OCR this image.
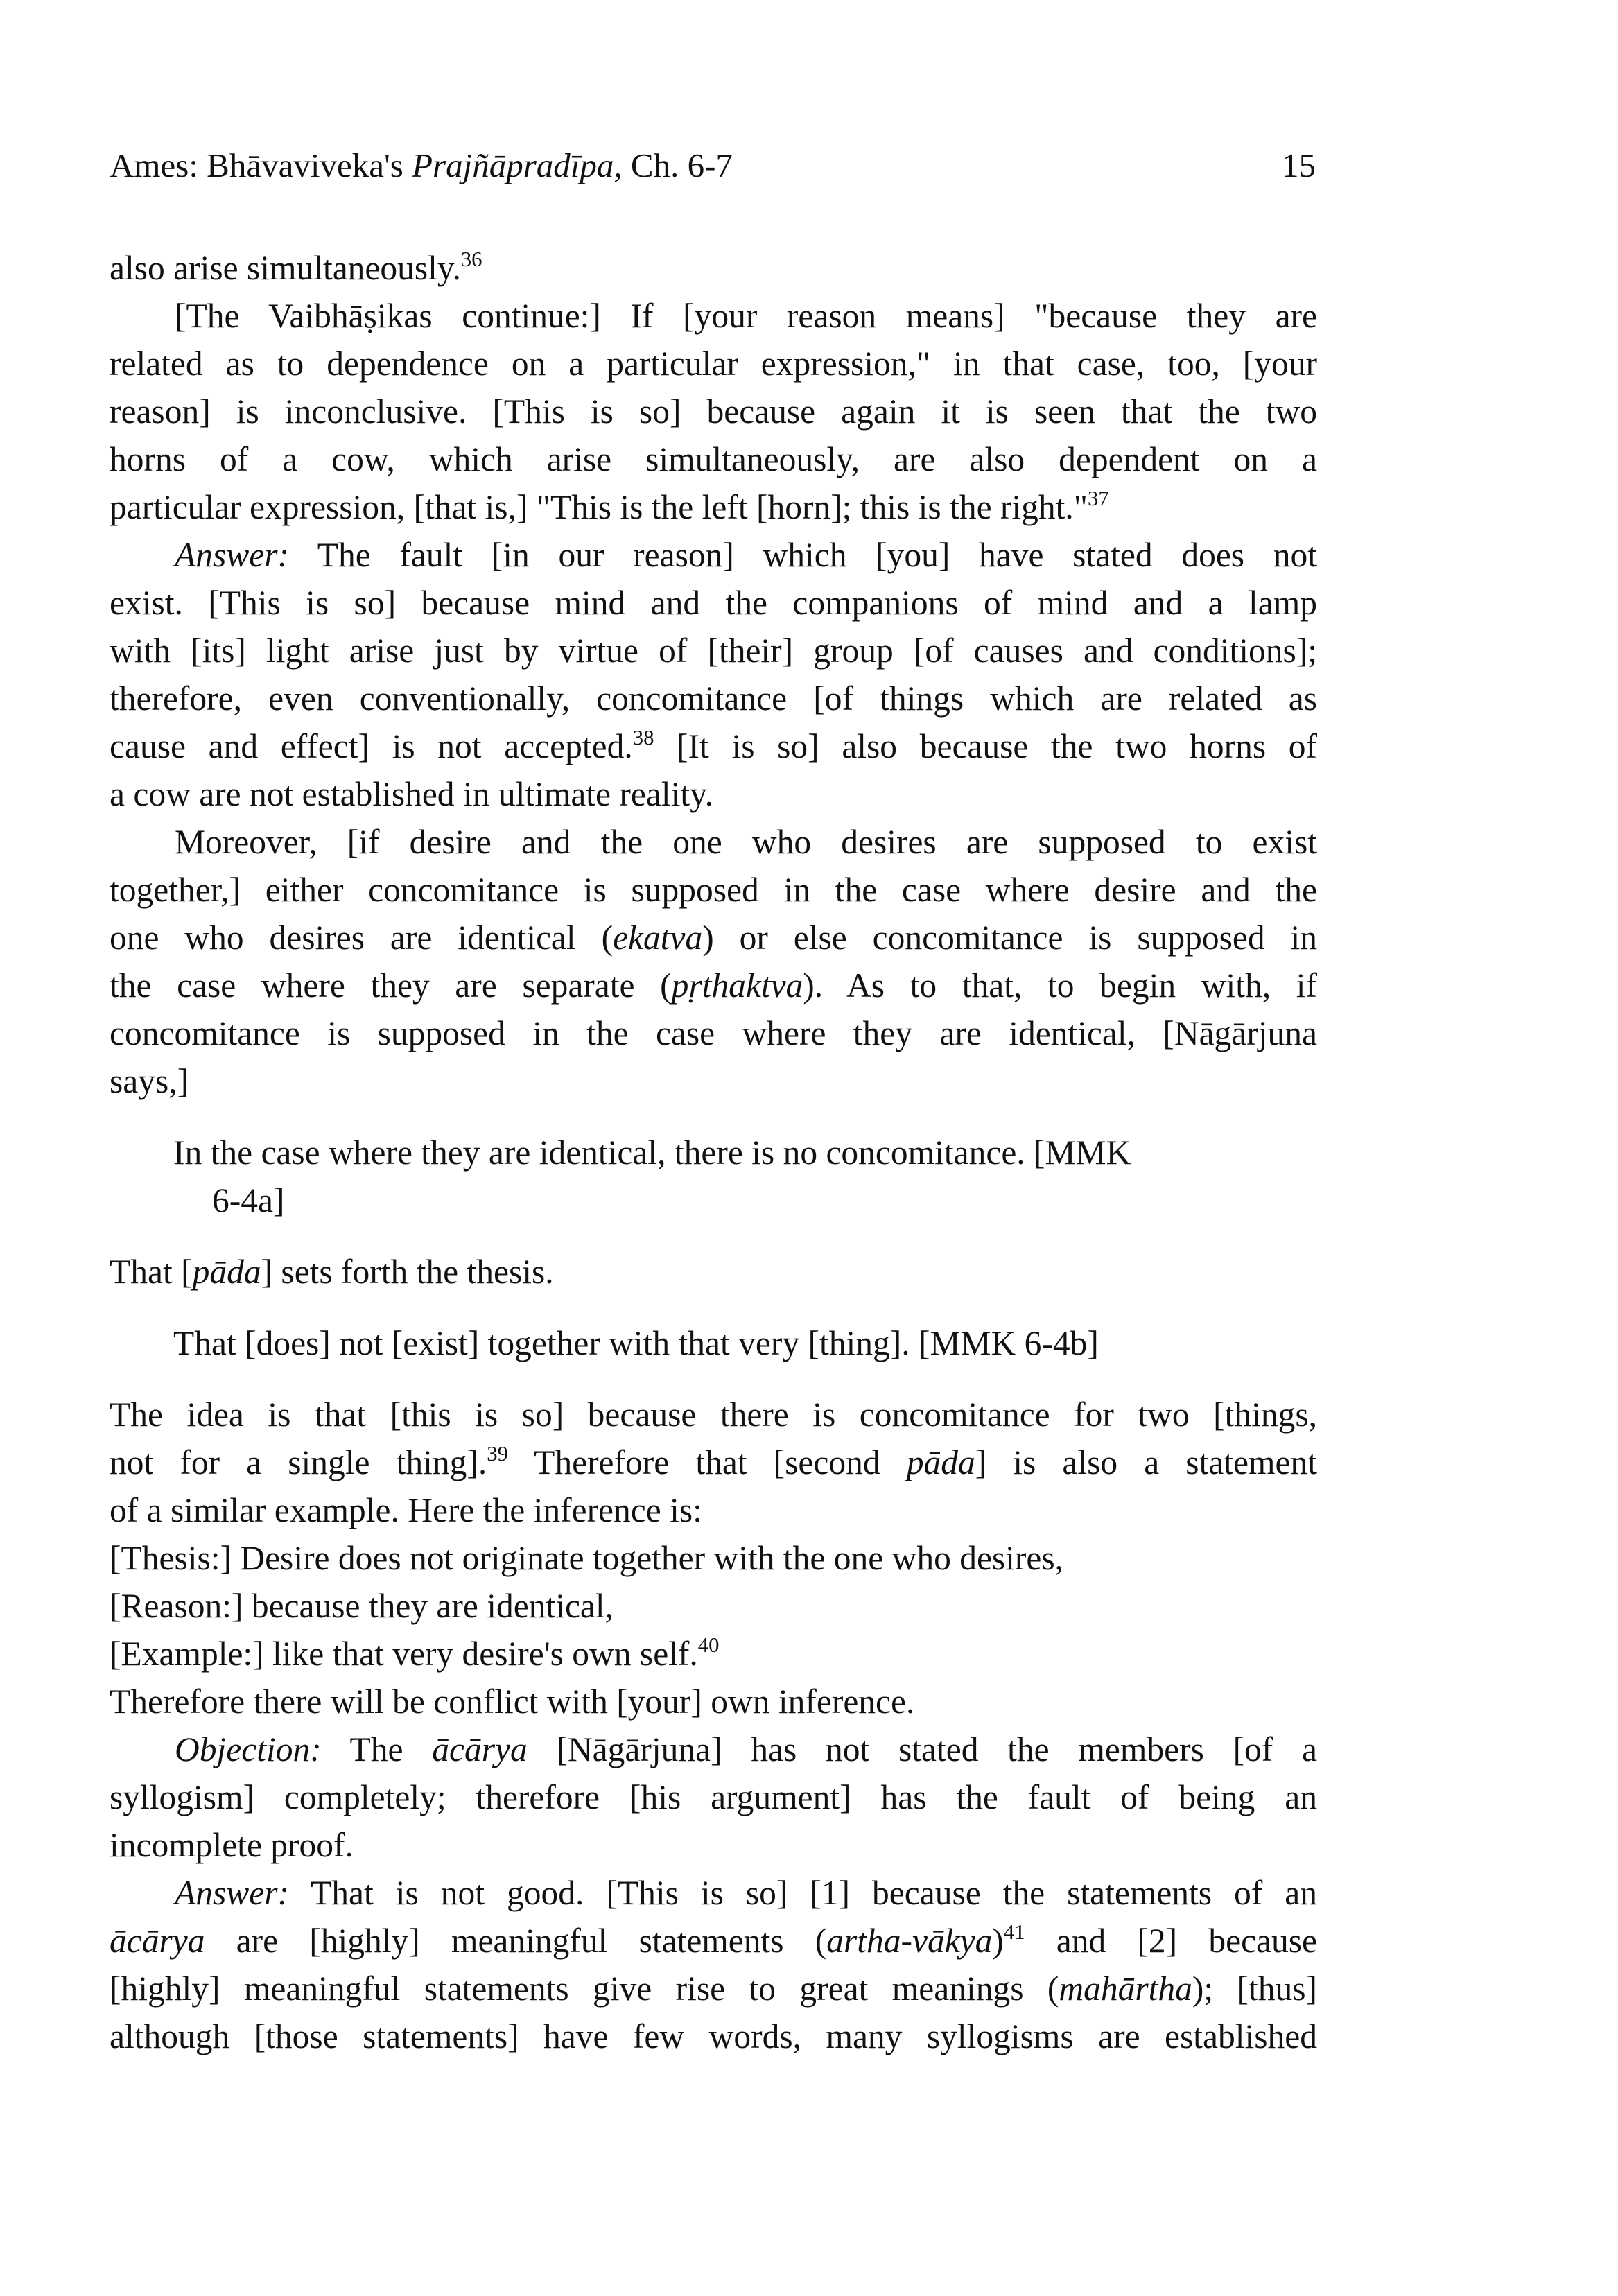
Ames: Bhāvaviveka's Prajñāpradīpa, Ch. 6-7	15
also arise simultaneously.$^{36}$
[The Vaibhāṣikas continue:] If [your reason means] "because they are
related as to dependence on a particular expression," in that case, too, [your
reason] is inconclusive. [This is so] because again it is seen that the two
horns of a cow, which arise simultaneously, are also dependent on a
particular expression, [that is,] "This is the left [horn]; this is the right."$^{37}$
Answer: The fault [in our reason] which [you] have stated does not
exist. [This is so] because mind and the companions of mind and a lamp
with [its] light arise just by virtue of [their] group [of causes and conditions];
therefore, even conventionally, concomitance [of things which are related as
cause and effect] is not accepted.$^{38}$ [It is so] also because the two horns of
a cow are not established in ultimate reality.
Moreover, [if desire and the one who desires are supposed to exist
together,] either concomitance is supposed in the case where desire and the
one who desires are identical (ekatva) or else concomitance is supposed in
the case where they are separate (pṛthaktva). As to that, to begin with, if
concomitance is supposed in the case where they are identical, [Nāgārjuna
says,]
In the case where they are identical, there is no concomitance. [MMK
6-4a]
That [pāda] sets forth the thesis.
That [does] not [exist] together with that very [thing]. [MMK 6-4b]
The idea is that [this is so] because there is concomitance for two [things,
not for a single thing].$^{39}$ Therefore that [second pāda] is also a statement
of a similar example. Here the inference is:
[Thesis:] Desire does not originate together with the one who desires,
[Reason:] because they are identical,
[Example:] like that very desire's own self.$^{40}$
Therefore there will be conflict with [your] own inference.
Objection: The ācārya [Nāgārjuna] has not stated the members [of a
syllogism] completely; therefore [his argument] has the fault of being an
incomplete proof.
Answer: That is not good. [This is so] [1] because the statements of an
ācārya are [highly] meaningful statements (artha-vākya)$^{41}$ and [2] because
[highly] meaningful statements give rise to great meanings (mahārtha); [thus]
although [those statements] have few words, many syllogisms are established
